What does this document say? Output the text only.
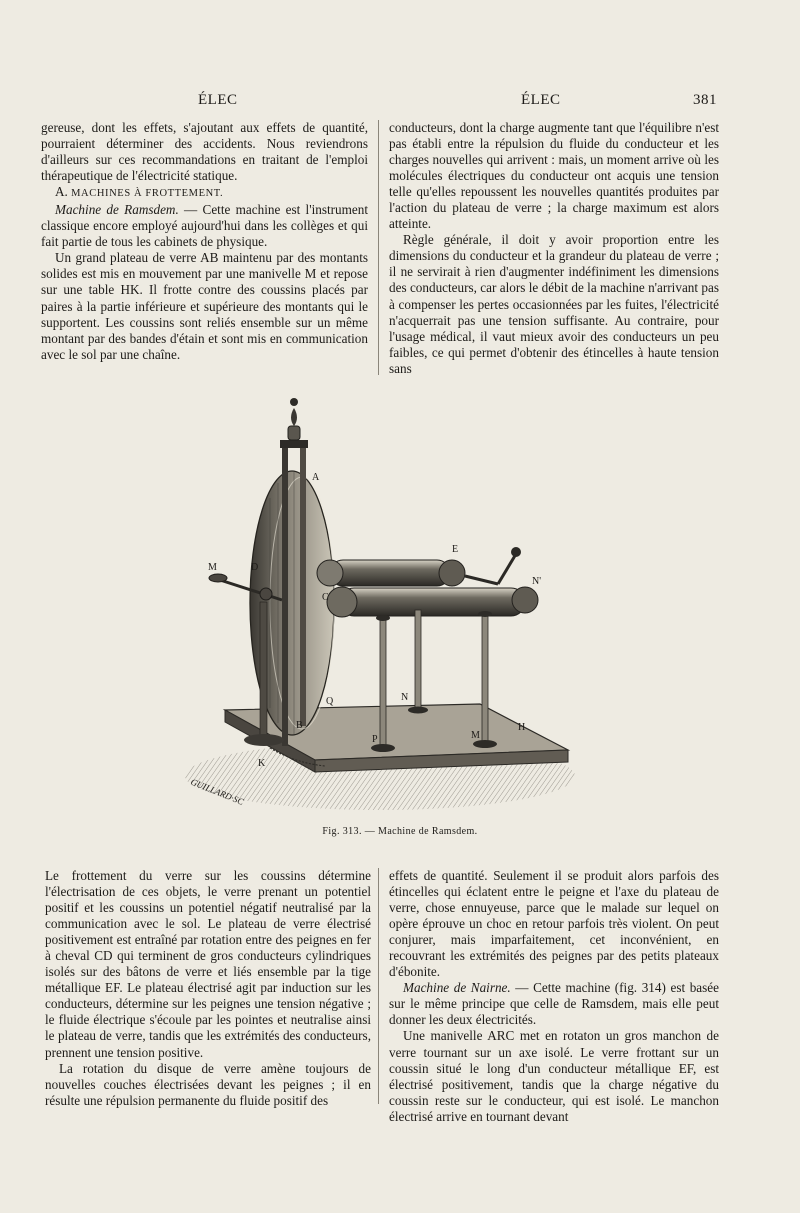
ÉLEC	ÉLEC	381

gereuse, dont les effets, s'ajoutant aux effets de quantité, pourraient déterminer des accidents. Nous reviendrons d'ailleurs sur ces recommandations en traitant de l'emploi thérapeutique de l'électricité statique.

A. MACHINES À FROTTEMENT.

Machine de Ramsdem. — Cette machine est l'instrument classique encore employé aujourd'hui dans les collèges et qui fait partie de tous les cabinets de physique.

Un grand plateau de verre AB maintenu par des montants solides est mis en mouvement par une manivelle M et repose sur une table HK. Il frotte contre des coussins placés par paires à la partie inférieure et supérieure des montants qui le supportent. Les coussins sont reliés ensemble sur un même montant par des bandes d'étain et sont mis en communication avec le sol par une chaîne.

conducteurs, dont la charge augmente tant que l'équilibre n'est pas établi entre la répulsion du fluide du conducteur et les charges nouvelles qui arrivent : mais, un moment arrive où les molécules électriques du conducteur ont acquis une tension telle qu'elles repoussent les nouvelles quantités produites par l'action du plateau de verre ; la charge maximum est alors atteinte.

Règle générale, il doit y avoir proportion entre les dimensions du conducteur et la grandeur du plateau de verre ; il ne servirait à rien d'augmenter indéfiniment les dimensions des conducteurs, car alors le débit de la machine n'arrivant pas à compenser les pertes occasionnées par les fuites, l'électricité n'acquerrait pas une tension suffisante. Au contraire, pour l'usage médical, il vaut mieux avoir des conducteurs un peu faibles, ce qui permet d'obtenir des étincelles à haute tension sans

A
E
M	D
C
N'
Q	N
B
P	M
H
K
GUILLARD·SC
Fig. 313. — Machine de Ramsdem.

Le frottement du verre sur les coussins détermine l'électrisation de ces objets, le verre prenant un potentiel positif et les coussins un potentiel négatif neutralisé par la communication avec le sol. Le plateau de verre électrisé positivement est entraîné par rotation entre des peignes en fer à cheval CD qui terminent de gros conducteurs cylindriques isolés sur des bâtons de verre et liés ensemble par la tige métallique EF. Le plateau électrisé agit par induction sur les conducteurs, détermine sur les peignes une tension négative ; le fluide électrique s'écoule par les pointes et neutralise ainsi le plateau de verre, tandis que les extrémités des conducteurs, prennent une tension positive.

La rotation du disque de verre amène toujours de nouvelles couches électrisées devant les peignes ; il en résulte une répulsion permanente du fluide positif des

effets de quantité. Seulement il se produit alors parfois des étincelles qui éclatent entre le peigne et l'axe du plateau de verre, chose ennuyeuse, parce que le malade sur lequel on opère éprouve un choc en retour parfois très violent. On peut conjurer, mais imparfaitement, cet inconvénient, en recouvrant les extrémités des peignes par des petits plateaux d'ébonite.

Machine de Nairne. — Cette machine (fig. 314) est basée sur le même principe que celle de Ramsdem, mais elle peut donner les deux électricités.

Une manivelle ARC met en rotaton un gros manchon de verre tournant sur un axe isolé. Le verre frottant sur un coussin situé le long d'un conducteur métallique EF, est électrisé positivement, tandis que la charge négative du coussin reste sur le conducteur, qui est isolé. Le manchon électrisé arrive en tournant devant
